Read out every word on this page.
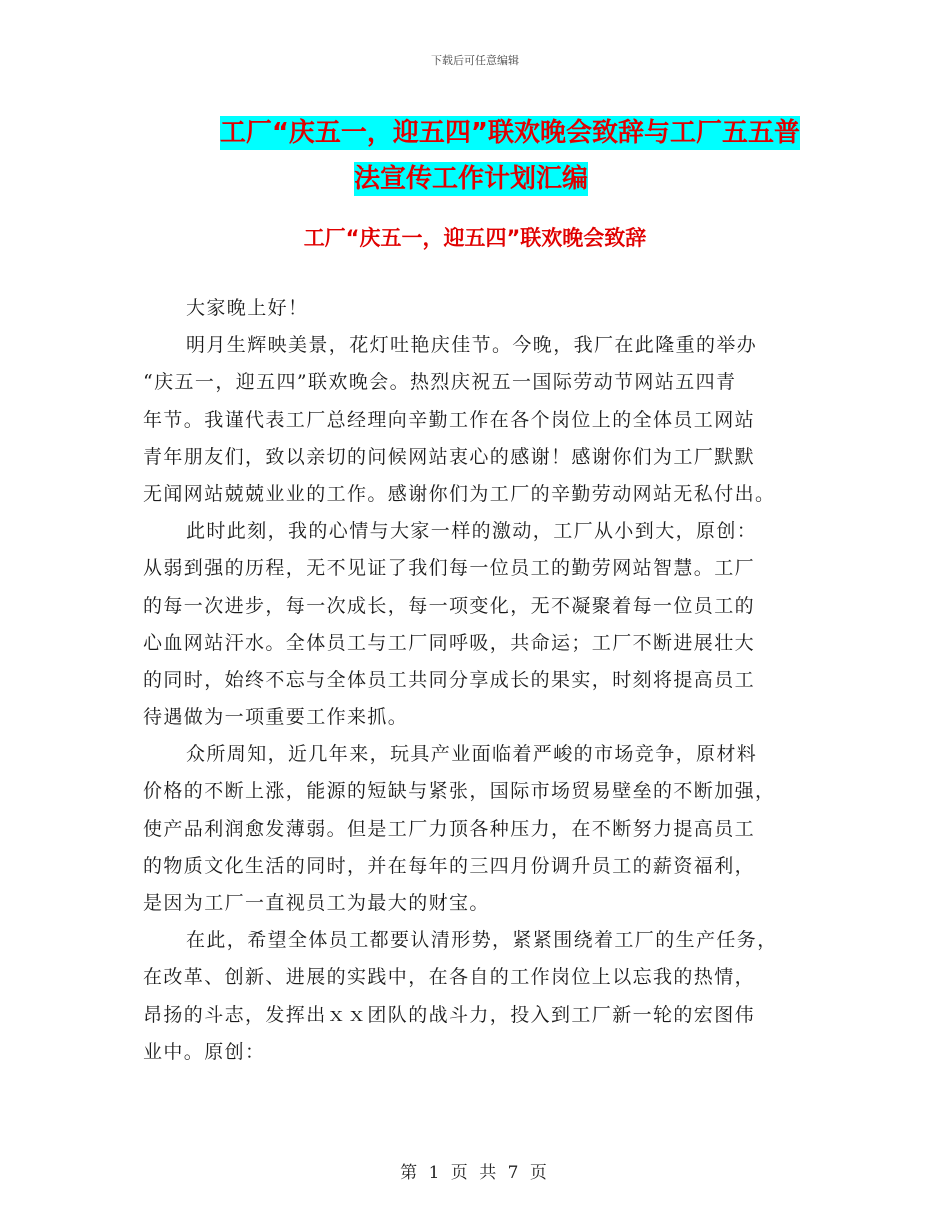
下载后可任意编辑
工厂“庆五一，迎五四”联欢晚会致辞与工厂五五普
法宣传工作计划汇编
工厂“庆五一，迎五四”联欢晚会致辞
大家晚上好！
明月生辉映美景，花灯吐艳庆佳节。今晚，我厂在此隆重的举办
“庆五一，迎五四”联欢晚会。热烈庆祝五一国际劳动节网站五四青
年节。我谨代表工厂总经理向辛勤工作在各个岗位上的全体员工网站
青年朋友们，致以亲切的问候网站衷心的感谢！感谢你们为工厂默默
无闻网站兢兢业业的工作。感谢你们为工厂的辛勤劳动网站无私付出。
此时此刻，我的心情与大家一样的激动，工厂从小到大，原创：
从弱到强的历程，无不见证了我们每一位员工的勤劳网站智慧。工厂
的每一次进步，每一次成长，每一项变化，无不凝聚着每一位员工的
心血网站汗水。全体员工与工厂同呼吸，共命运；工厂不断进展壮大
的同时，始终不忘与全体员工共同分享成长的果实，时刻将提高员工
待遇做为一项重要工作来抓。
众所周知，近几年来，玩具产业面临着严峻的市场竞争，原材料
价格的不断上涨，能源的短缺与紧张，国际市场贸易壁垒的不断加强，
使产品利润愈发薄弱。但是工厂力顶各种压力，在不断努力提高员工
的物质文化生活的同时，并在每年的三四月份调升员工的薪资福利，
是因为工厂一直视员工为最大的财宝。
在此，希望全体员工都要认清形势，紧紧围绕着工厂的生产任务，
在改革、创新、进展的实践中，在各自的工作岗位上以忘我的热情，
昂扬的斗志，发挥出ｘｘ团队的战斗力，投入到工厂新一轮的宏图伟
业中。原创：
第 1 页 共 7 页
